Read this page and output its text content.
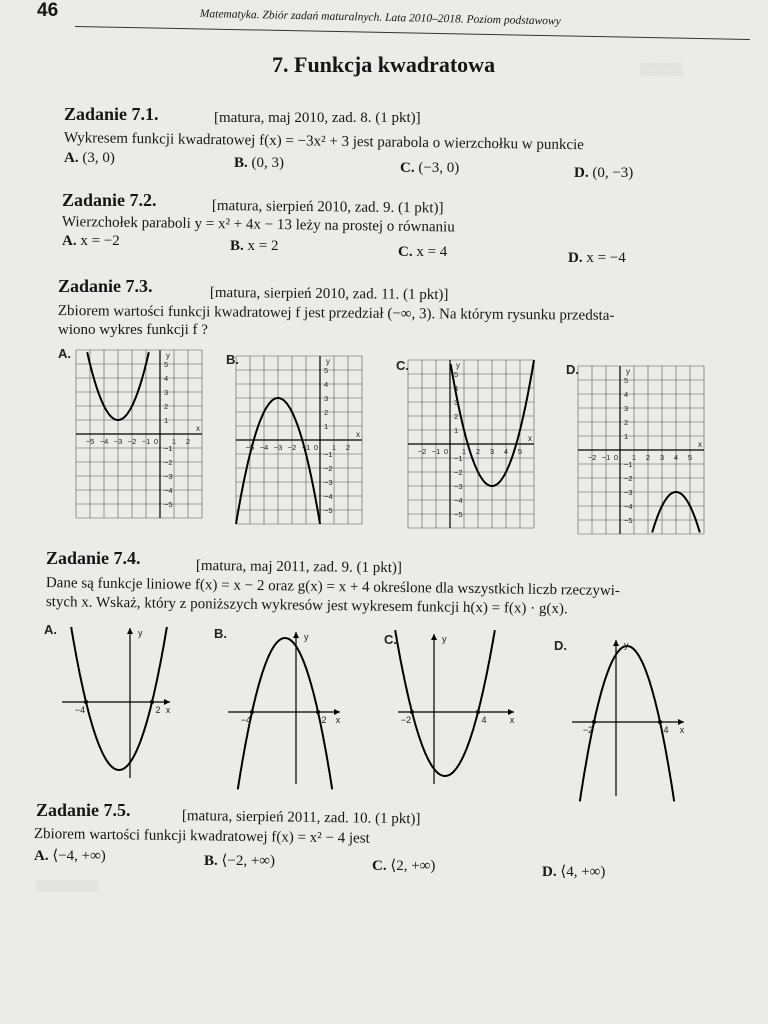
46	Matematyka. Zbiór zadań maturalnych. Lata 2010–2018. Poziom podstawowy
▒▒▒▒▒
7. Funkcja kwadratowa
Zadanie 7.1.	[matura, maj 2010, zad. 8. (1 pkt)]
Wykresem funkcji kwadratowej f(x) = −3x² + 3 jest parabola o wierzchołku w punkcie
A. (3, 0)	B. (0, 3)	C. (−3, 0)	D. (0, −3)
Zadanie 7.2.	[matura, sierpień 2010, zad. 9. (1 pkt)]
Wierzchołek paraboli y = x² + 4x − 13 leży na prostej o równaniu
A. x = −2	B. x = 2	C. x = 4	D. x = −4
Zadanie 7.3.	[matura, sierpień 2010, zad. 11. (1 pkt)]
Zbiorem wartości funkcji kwadratowej f jest przedział (−∞, 3). Na którym rysunku przedsta-
wiono wykres funkcji f ?
−5 −4 −3 −2 −1 0 1 2
x
5
4
3
2
1
−1
−2
−3
−4
−5
y
A.
−5 −4 −3 −2 −1 0 1 2
x
5
4
3
2
1
−1
−2
−3
−4
−5
y
B.
−2 −1 0 1 2 3 4 5
x
5
4
3
2
1
−1
−2
−3
−4
−5
y
C.
−2 −1 0 1 2 3 4 5
x
5
4
3
2
1
−1
−2
−3
−4
−5
y
D.
Zadanie 7.4.	[matura, maj 2011, zad. 9. (1 pkt)]
Dane są funkcje liniowe f(x) = x − 2 oraz g(x) = x + 4 określone dla wszystkich liczb rzeczywi-
stych x. Wskaż, który z poniższych wykresów jest wykresem funkcji h(x) = f(x) · g(x).
−4	2 x
y
A.
−4	2 x
y
B.
−2	4	x
y
C.
−2	4 x
y
D.
Zadanie 7.5.	[matura, sierpień 2011, zad. 10. (1 pkt)]
Zbiorem wartości funkcji kwadratowej f(x) = x² − 4 jest
A. ⟨−4, +∞)	B. ⟨−2, +∞)	C. ⟨2, +∞)	D. ⟨4, +∞)
▒▒▒▒▒▒▒▒
